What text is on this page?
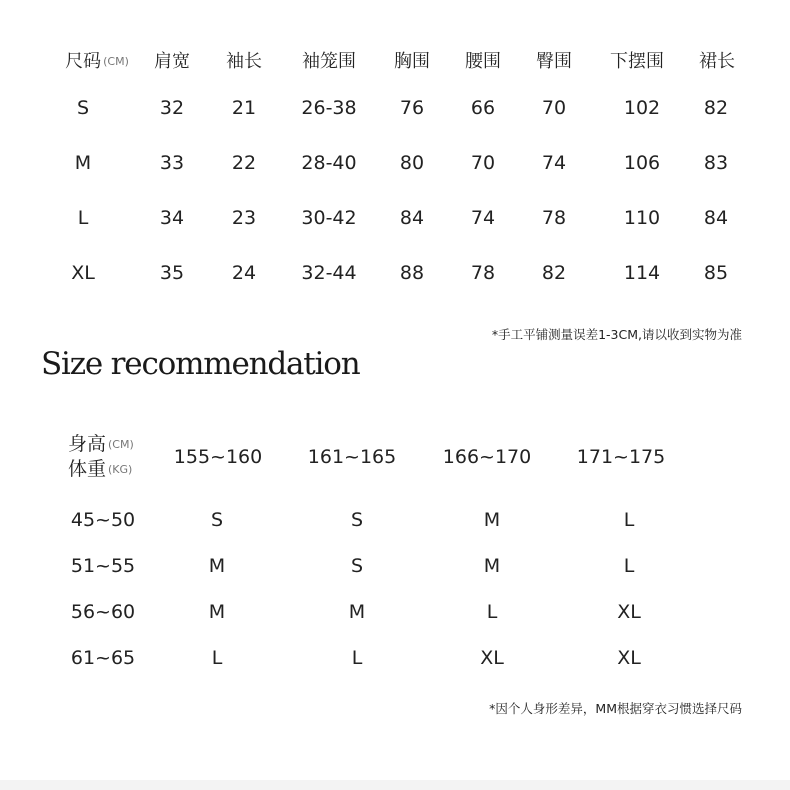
尺码 (CM) 肩宽 袖长 袖笼围 胸围 腰围 臀围 下摆围 裙长
S	32	21 26-38 76 66 70	102 82
M	33	22 28-40 80 70 74	106 83
L	34	23 30-42 84 74 78	110 84
XL	35	24 32-44 88 78 82	114 85
*手工平铺测量误差1-3CM,请以收到实物为准
Size recommendation
身高 (CM)
体重 (KG)
155~160 161~165 166~170 171~175
45~50	S	S	M	L
51~55	M	S	M	L
56~60	M	M	L	XL
61~65	L	L	XL	XL
*因个人身形差异，MM根据穿衣习惯选择尺码
